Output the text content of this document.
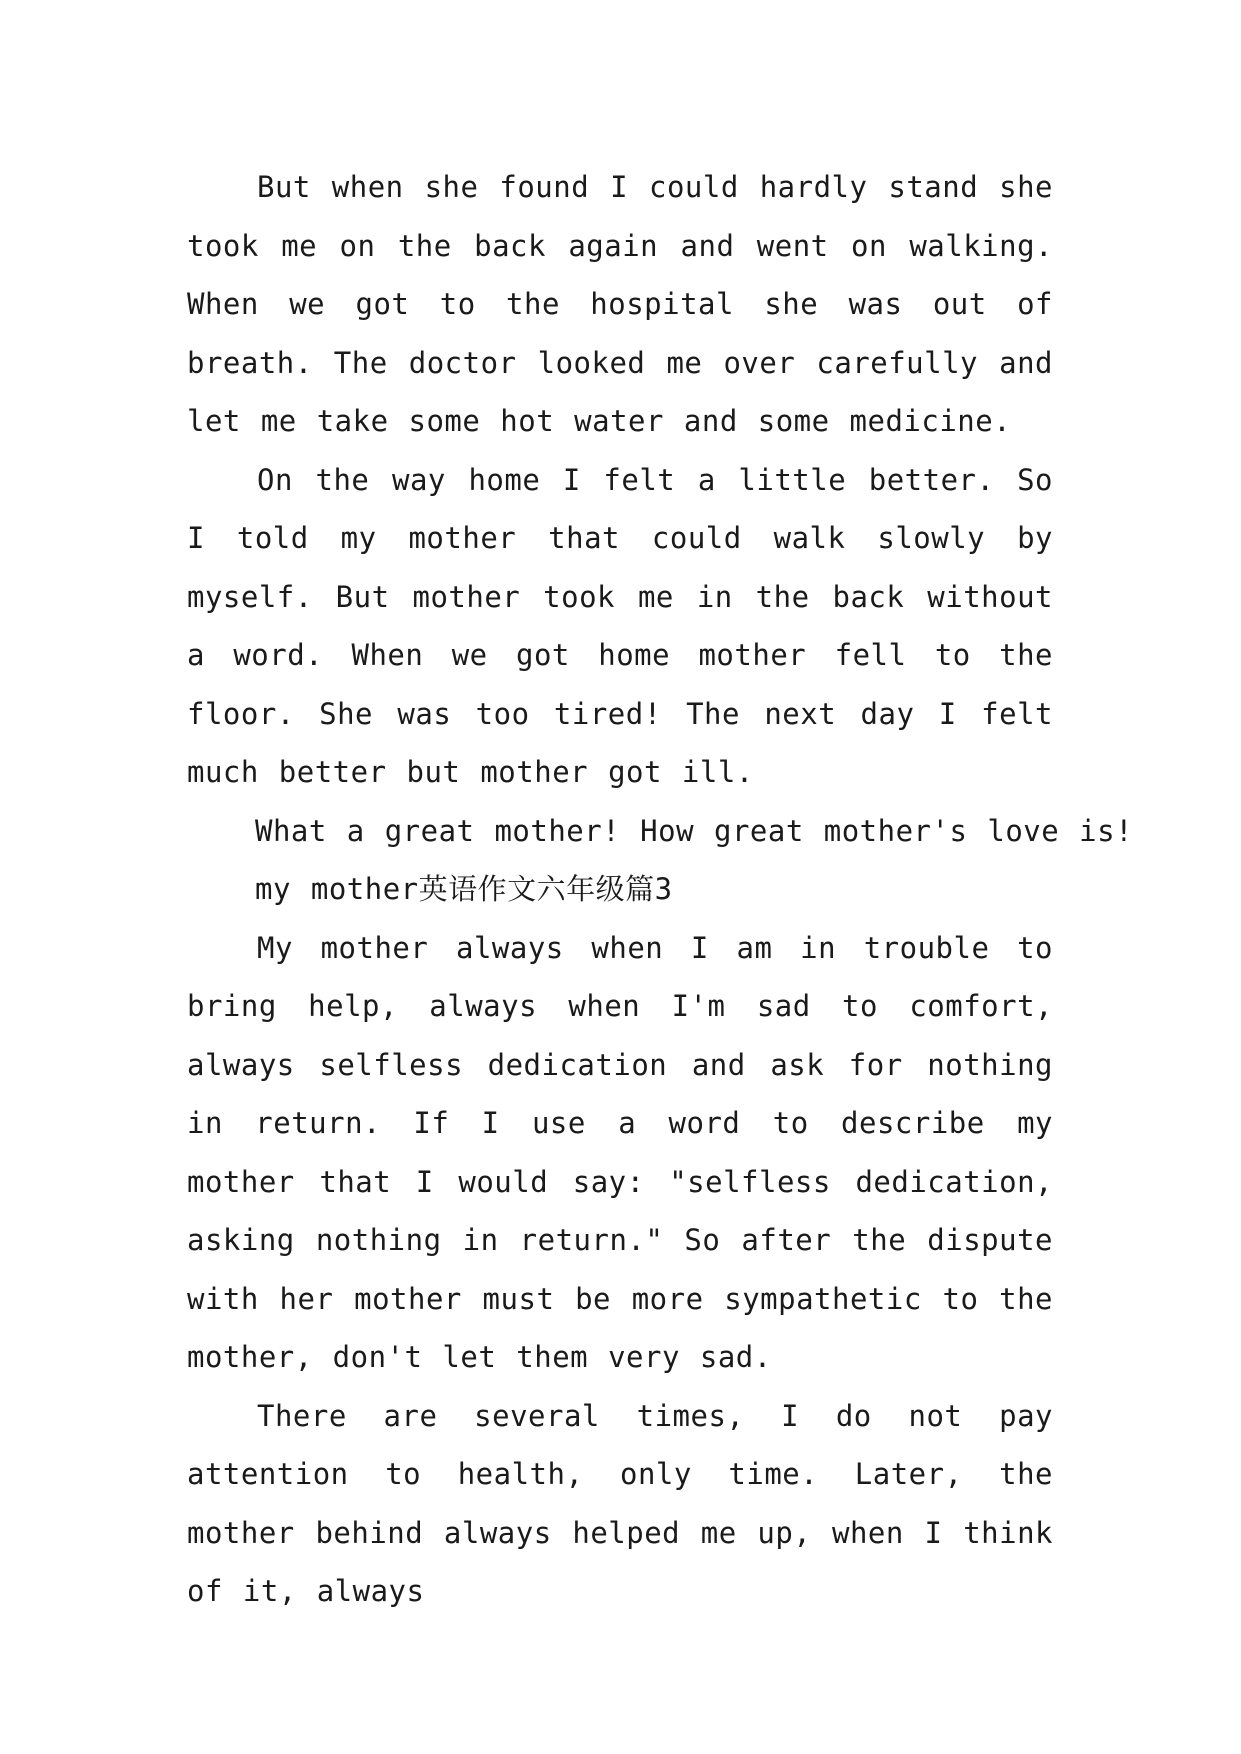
But when she found I could hardly stand she took me on the back again and went on walking. When we got to the hospital she was out of breath. The doctor looked me over carefully and let me take some hot water and some medicine.

On the way home I felt a little better. So I told my mother that could walk slowly by myself. But mother took me in the back without a word. When we got home mother fell to the floor. She was too tired! The next day I felt much better but mother got ill.

What a great mother! How great mother's love is!

my mother英语作文六年级篇3

My mother always when I am in trouble to bring help, always when I'm sad to comfort, always selfless dedication and ask for nothing in return. If I use a word to describe my mother that I would say: "selfless dedication, asking nothing in return." So after the dispute with her mother must be more sympathetic to the mother, don't let them very sad.

There are several times, I do not pay attention to health, only time. Later, the mother behind always helped me up, when I think of it, always
